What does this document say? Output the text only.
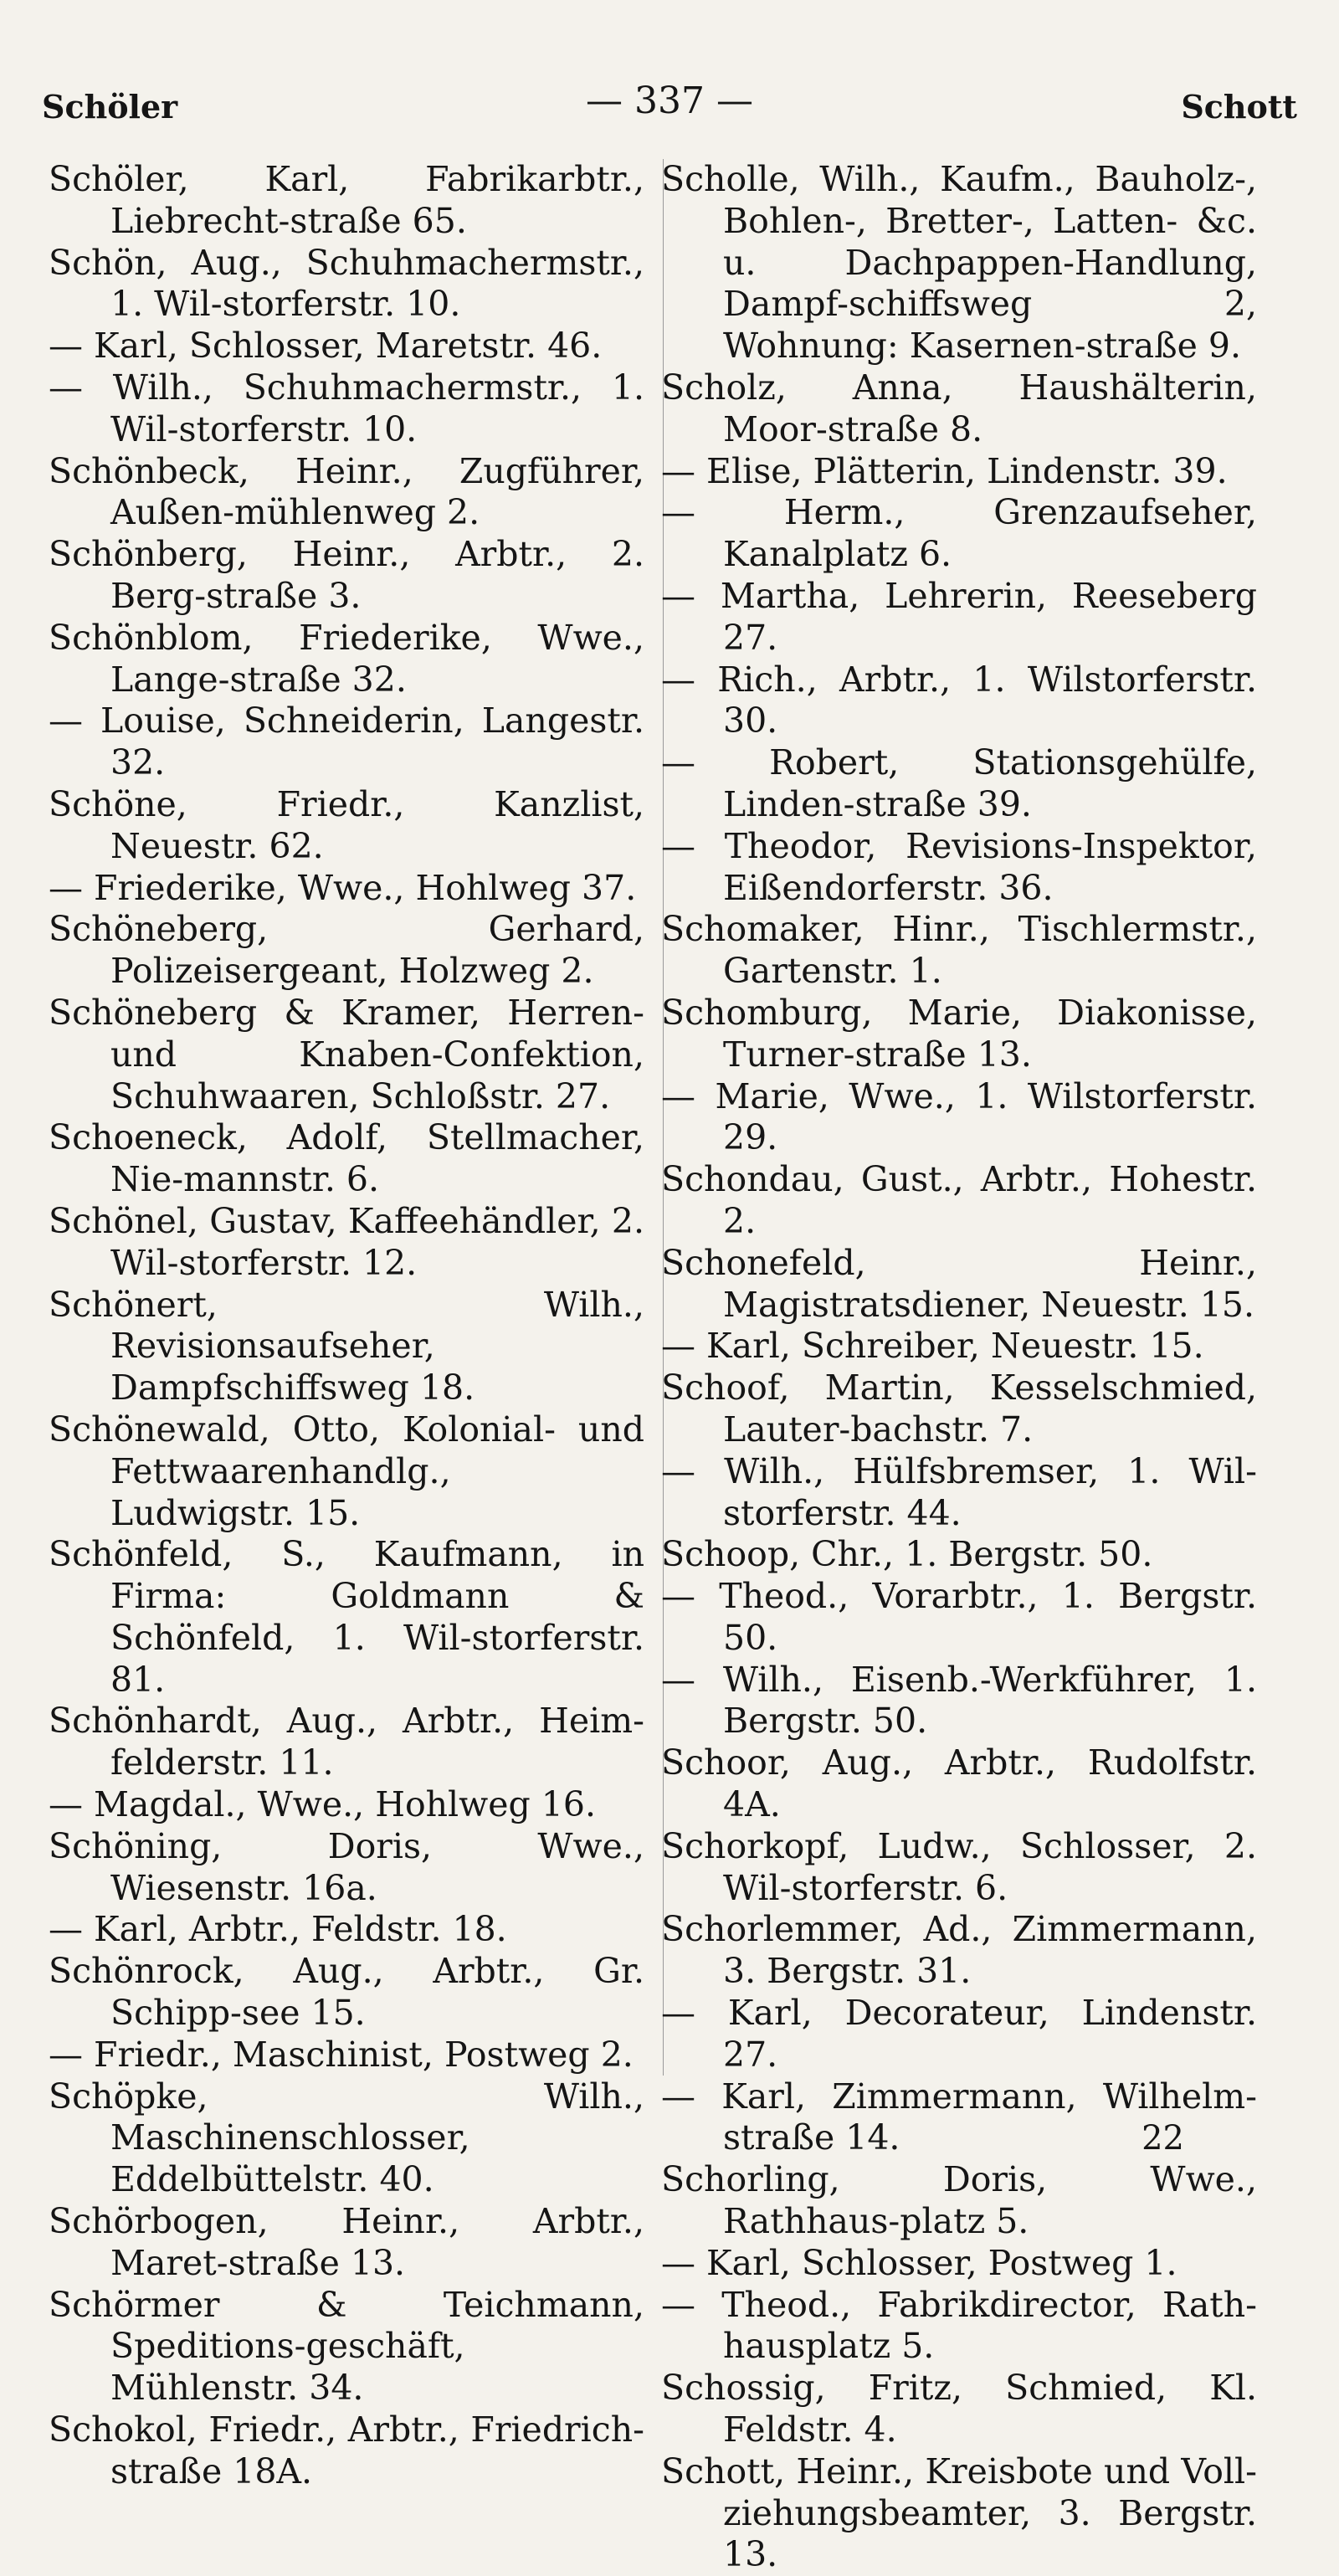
Schöler	— 337 —	Schott

Schöler, Karl, Fabrikarbtr., Liebrecht-straße 65.

Schön, Aug., Schuhmachermstr., 1. Wil-storferstr. 10.

— Karl, Schlosser, Maretstr. 46.

— Wilh., Schuhmachermstr., 1. Wil-storferstr. 10.

Schönbeck, Heinr., Zugführer, Außen-mühlenweg 2.

Schönberg, Heinr., Arbtr., 2. Berg-straße 3.

Schönblom, Friederike, Wwe., Lange-straße 32.

— Louise, Schneiderin, Langestr. 32.

Schöne, Friedr., Kanzlist, Neuestr. 62.

— Friederike, Wwe., Hohlweg 37.

Schöneberg, Gerhard, Polizeisergeant, Holzweg 2.

Schöneberg & Kramer, Herren- und Knaben-Confektion, Schuhwaaren, Schloßstr. 27.

Schoeneck, Adolf, Stellmacher, Nie-mannstr. 6.

Schönel, Gustav, Kaffeehändler, 2. Wil-storferstr. 12.

Schönert, Wilh., Revisionsaufseher, Dampfschiffsweg 18.

Schönewald, Otto, Kolonial- und Fettwaarenhandlg., Ludwigstr. 15.

Schönfeld, S., Kaufmann, in Firma: Goldmann & Schönfeld, 1. Wil-storferstr. 81.

Schönhardt, Aug., Arbtr., Heim-felderstr. 11.

— Magdal., Wwe., Hohlweg 16.

Schöning, Doris, Wwe., Wiesenstr. 16a.

— Karl, Arbtr., Feldstr. 18.

Schönrock, Aug., Arbtr., Gr. Schipp-see 15.

— Friedr., Maschinist, Postweg 2.

Schöpke, Wilh., Maschinenschlosser, Eddelbüttelstr. 40.

Schörbogen, Heinr., Arbtr., Maret-straße 13.

Schörmer & Teichmann, Speditions-geschäft, Mühlenstr. 34.

Schokol, Friedr., Arbtr., Friedrich-straße 18A.

Scholle, Wilh., Kaufm., Bauholz-, Bohlen-, Bretter-, Latten- &c. u. Dachpappen-Handlung, Dampf-schiffsweg 2, Wohnung: Kasernen-straße 9.

Scholz, Anna, Haushälterin, Moor-straße 8.

— Elise, Plätterin, Lindenstr. 39.

— Herm., Grenzaufseher, Kanalplatz 6.

— Martha, Lehrerin, Reeseberg 27.

— Rich., Arbtr., 1. Wilstorferstr. 30.

— Robert, Stationsgehülfe, Linden-straße 39.

— Theodor, Revisions-Inspektor, Eißendorferstr. 36.

Schomaker, Hinr., Tischlermstr., Gartenstr. 1.

Schomburg, Marie, Diakonisse, Turner-straße 13.

— Marie, Wwe., 1. Wilstorferstr. 29.

Schondau, Gust., Arbtr., Hohestr. 2.

Schonefeld, Heinr., Magistratsdiener, Neuestr. 15.

— Karl, Schreiber, Neuestr. 15.

Schoof, Martin, Kesselschmied, Lauter-bachstr. 7.

— Wilh., Hülfsbremser, 1. Wil-storferstr. 44.

Schoop, Chr., 1. Bergstr. 50.

— Theod., Vorarbtr., 1. Bergstr. 50.

— Wilh., Eisenb.-Werkführer, 1. Bergstr. 50.

Schoor, Aug., Arbtr., Rudolfstr. 4A.

Schorkopf, Ludw., Schlosser, 2. Wil-storferstr. 6.

Schorlemmer, Ad., Zimmermann, 3. Bergstr. 31.

— Karl, Decorateur, Lindenstr. 27.

— Karl, Zimmermann, Wilhelm-straße 14.

Schorling, Doris, Wwe., Rathhaus-platz 5.

— Karl, Schlosser, Postweg 1.

— Theod., Fabrikdirector, Rath-hausplatz 5.

Schossig, Fritz, Schmied, Kl. Feldstr. 4.

Schott, Heinr., Kreisbote und Voll-ziehungsbeamter, 3. Bergstr. 13.

22
